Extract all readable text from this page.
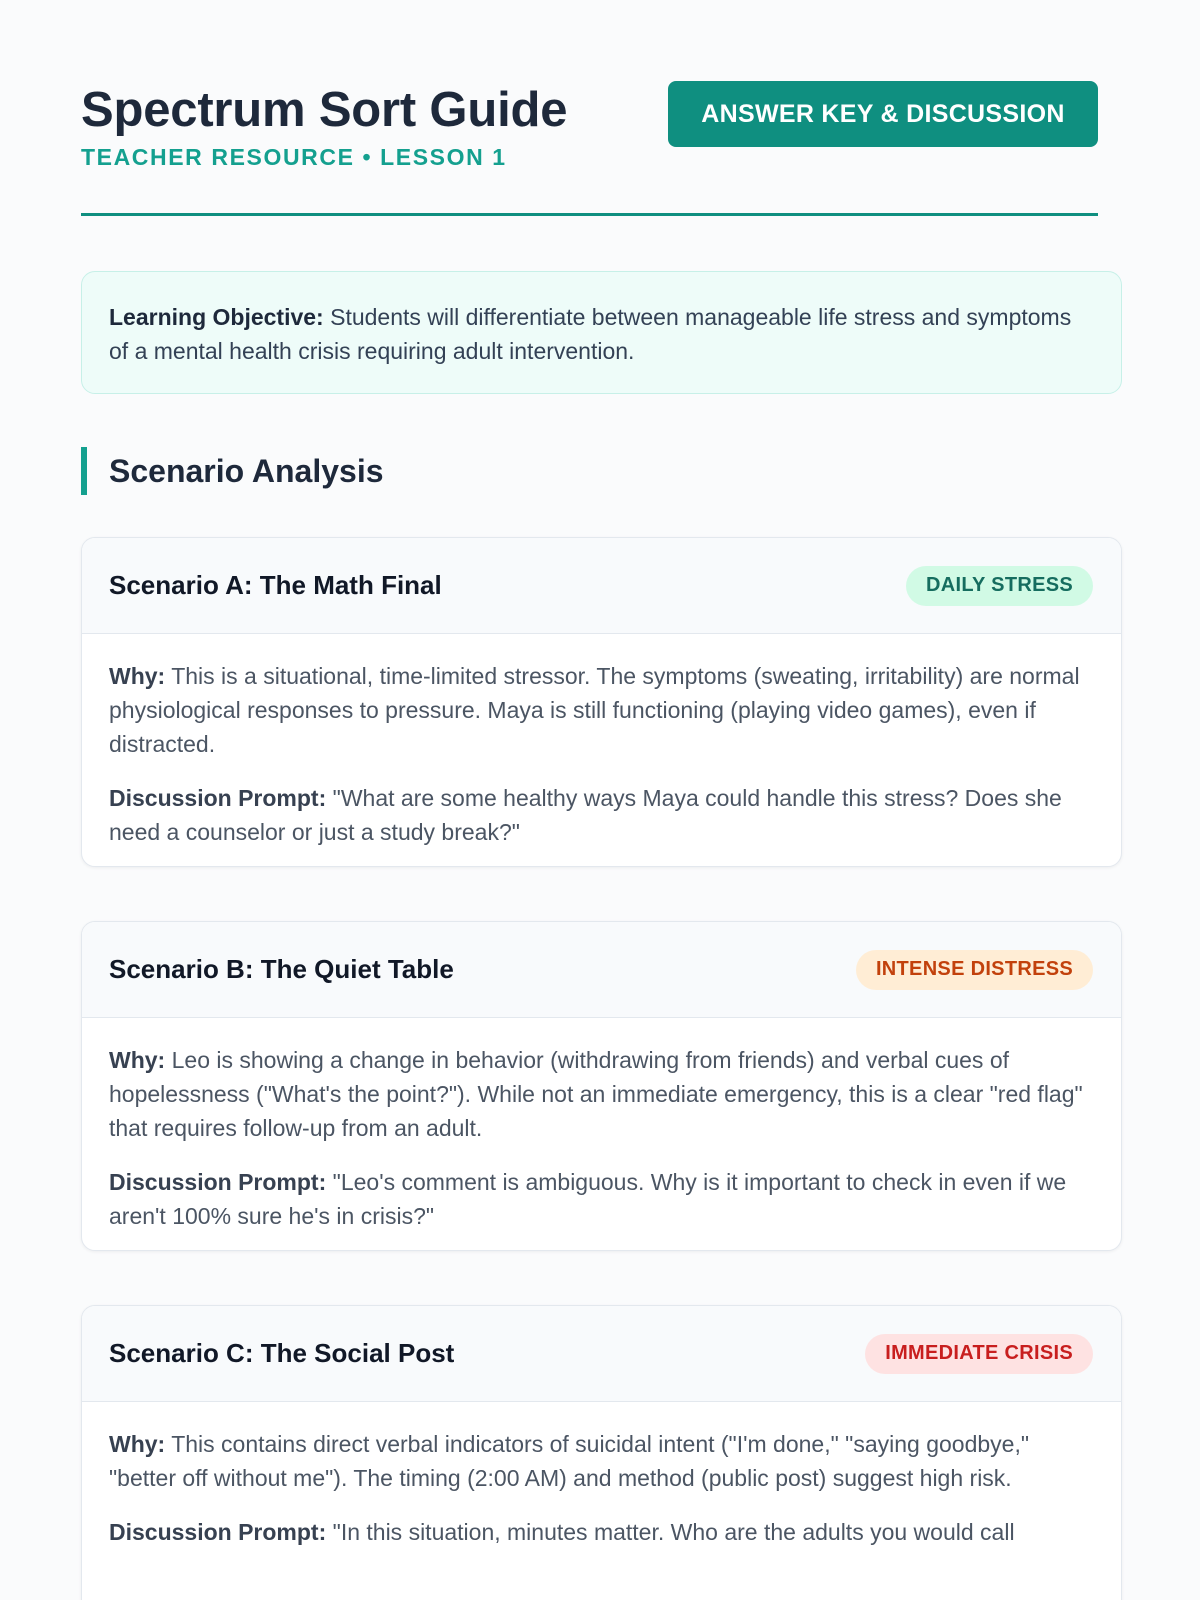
Spectrum Sort Guide
TEACHER RESOURCE • LESSON 1
ANSWER KEY & DISCUSSION
Learning Objective: Students will differentiate between manageable life stress and symptoms of a mental health crisis requiring adult intervention.
Scenario Analysis
Scenario A: The Math Final	DAILY STRESS

Why: This is a situational, time-limited stressor. The symptoms (sweating, irritability) are normal physiological responses to pressure. Maya is still functioning (playing video games), even if distracted.

Discussion Prompt: "What are some healthy ways Maya could handle this stress? Does she need a counselor or just a study break?"

Scenario B: The Quiet Table	INTENSE DISTRESS

Why: Leo is showing a change in behavior (withdrawing from friends) and verbal cues of hopelessness ("What's the point?"). While not an immediate emergency, this is a clear "red flag" that requires follow-up from an adult.

Discussion Prompt: "Leo's comment is ambiguous. Why is it important to check in even if we aren't 100% sure he's in crisis?"

Scenario C: The Social Post	IMMEDIATE CRISIS

Why: This contains direct verbal indicators of suicidal intent ("I'm done," "saying goodbye," "better off without me"). The timing (2:00 AM) and method (public post) suggest high risk.

Discussion Prompt: "In this situation, minutes matter. Who are the adults you would call
